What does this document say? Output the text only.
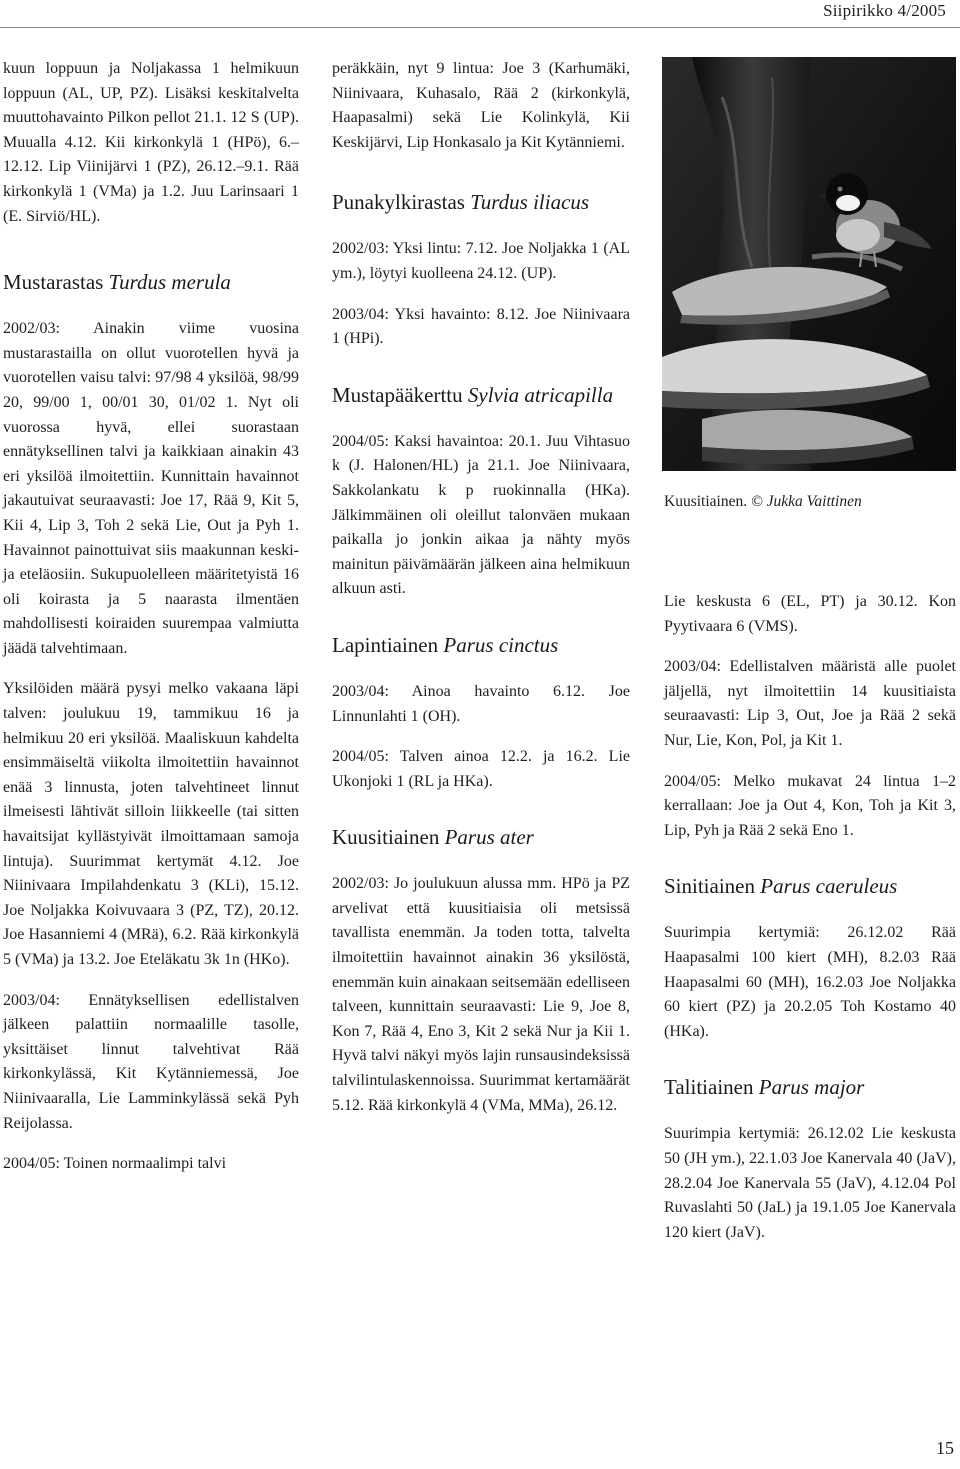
Siipirikko 4/2005

kuun loppuun ja Noljakassa 1 helmikuun loppuun (AL, UP, PZ). Lisäksi keskitalvelta muuttohavainto Pilkon pellot 21.1. 12 S (UP). Muualla 4.12. Kii kirkonkylä 1 (HPö), 6.–12.12. Lip Viinijärvi 1 (PZ), 26.12.–9.1. Rää kirkonkylä 1 (VMa) ja 1.2. Juu Larinsaari 1 (E. Sirviö/HL).

Mustarastas Turdus merula

2002/03: Ainakin viime vuosina mustarastailla on ollut vuorotellen hyvä ja vuorotellen vaisu talvi: 97/98 4 yksilöä, 98/99 20, 99/00 1, 00/01 30, 01/02 1. Nyt oli vuorossa hyvä, ellei suorastaan ennätyksellinen talvi ja kaikkiaan ainakin 43 eri yksilöä ilmoitettiin. Kunnittain havainnot jakautuivat seuraavasti: Joe 17, Rää 9, Kit 5, Kii 4, Lip 3, Toh 2 sekä Lie, Out ja Pyh 1. Havainnot painottuivat siis maakunnan keski- ja eteläosiin. Sukupuolelleen määritetyistä 16 oli koirasta ja 5 naarasta ilmentäen mahdollisesti koiraiden suurempaa valmiutta jäädä talvehtimaan.

Yksilöiden määrä pysyi melko vakaana läpi talven: joulukuu 19, tammikuu 16 ja helmikuu 20 eri yksilöä. Maaliskuun kahdelta ensimmäiseltä viikolta ilmoitettiin havainnot enää 3 linnusta, joten talvehtineet linnut ilmeisesti lähtivät silloin liikkeelle (tai sitten havaitsijat kyllästyivät ilmoittamaan samoja lintuja). Suurimmat kertymät 4.12. Joe Niinivaara Impilahdenkatu 3 (KLi), 15.12. Joe Noljakka Koivuvaara 3 (PZ, TZ), 20.12. Joe Hasanniemi 4 (MRä), 6.2. Rää kirkonkylä 5 (VMa) ja 13.2. Joe Eteläkatu 3k 1n (HKo).

2003/04: Ennätyksellisen edellistalven jälkeen palattiin normaalille tasolle, yksittäiset linnut talvehtivat Rää kirkonkylässä, Kit Kytänniemessä, Joe Niinivaaralla, Lie Lamminkylässä sekä Pyh Reijolassa.

2004/05: Toinen normaalimpi talvi

peräkkäin, nyt 9 lintua: Joe 3 (Karhumäki, Niinivaara, Kuhasalo, Rää 2 (kirkonkylä, Haapasalmi) sekä Lie Kolinkylä, Kii Keskijärvi, Lip Honkasalo ja Kit Kytänniemi.

Punakylkirastas Turdus iliacus

2002/03: Yksi lintu: 7.12. Joe Noljakka 1 (AL ym.), löytyi kuolleena 24.12. (UP).

2003/04: Yksi havainto: 8.12. Joe Niinivaara 1 (HPi).

Mustapääkerttu Sylvia atricapilla

2004/05: Kaksi havaintoa: 20.1. Juu Vihtasuo k (J. Halonen/HL) ja 21.1. Joe Niinivaara, Sakkolankatu k p ruokinnalla (HKa). Jälkimmäinen oli oleillut talonväen mukaan paikalla jo jonkin aikaa ja nähty myös mainitun päivämäärän jälkeen aina helmikuun alkuun asti.

Lapintiainen Parus cinctus

2003/04: Ainoa havainto 6.12. Joe Linnunlahti 1 (OH).

2004/05: Talven ainoa 12.2. ja 16.2. Lie Ukonjoki 1 (RL ja HKa).

Kuusitiainen Parus ater

2002/03: Jo joulukuun alussa mm. HPö ja PZ arvelivat että kuusitiaisia oli metsissä tavallista enemmän. Ja toden totta, talvelta ilmoitettiin havainnot ainakin 36 yksilöstä, enemmän kuin ainakaan seitsemään edelliseen talveen, kunnittain seuraavasti: Lie 9, Joe 8, Kon 7, Rää 4, Eno 3, Kit 2 sekä Nur ja Kii 1. Hyvä talvi näkyi myös lajin runsausindeksissä talvilintulaskennoissa. Suurimmat kertamäärät 5.12. Rää kirkonkylä 4 (VMa, MMa), 26.12.

Kuusitiainen. © Jukka Vaittinen

Lie keskusta 6 (EL, PT) ja 30.12. Kon Pyytivaara 6 (VMS).

2003/04: Edellistalven määristä alle puolet jäljellä, nyt ilmoitettiin 14 kuusitiaista seuraavasti: Lip 3, Out, Joe ja Rää 2 sekä Nur, Lie, Kon, Pol, ja Kit 1.

2004/05: Melko mukavat 24 lintua 1–2 kerrallaan: Joe ja Out 4, Kon, Toh ja Kit 3, Lip, Pyh ja Rää 2 sekä Eno 1.

Sinitiainen Parus caeruleus

Suurimpia kertymiä: 26.12.02 Rää Haapasalmi 100 kiert (MH), 8.2.03 Rää Haapasalmi 60 (MH), 16.2.03 Joe Noljakka 60 kiert (PZ) ja 20.2.05 Toh Kostamo 40 (HKa).

Talitiainen Parus major

Suurimpia kertymiä: 26.12.02 Lie keskusta 50 (JH ym.), 22.1.03 Joe Kanervala 40 (JaV), 28.2.04 Joe Kanervala 55 (JaV), 4.12.04 Pol Ruvaslahti 50 (JaL) ja 19.1.05 Joe Kanervala 120 kiert (JaV).

15
